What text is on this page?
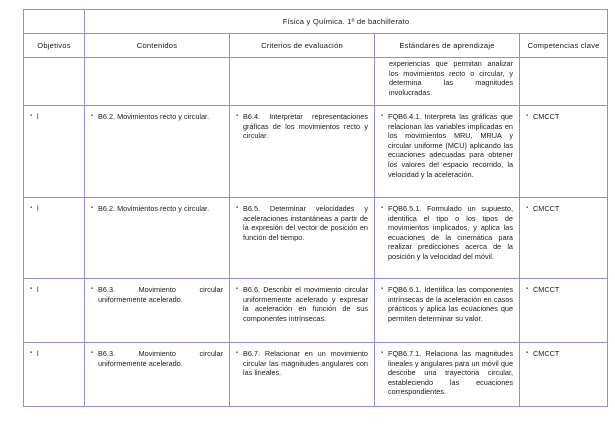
	Física y Química. 1º de bachillerato				
Objetivos	Contenidos	Criterios de evaluación	Estándares de aprendizaje	Competencias clave	

			experiencias que permitan analizar los movimientos recto o circular, y determina las magnitudes involucradas.		

▪ l	▪ B6.2. Movimientos recto y circular.	▪ B6.4. Interpretar representaciones gráficas de los movimientos recto y circular.	▪ FQB6.4.1. Interpreta las gráficas que relacionan las variables implicadas en los movimientos MRU, MRUA y circular uniforme (MCU) aplicando las ecuaciones adecuadas para obtener los valores del espacio recorrido, la velocidad y la aceleración.	▪ CMCCT	

▪ l	▪ B6.2. Movimientos recto y circular.	▪ B6.5. Determinar velocidades y aceleraciones instantáneas a partir de la expresión del vector de posición en función del tiempo.	▪ FQB6.5.1. Formulado un supuesto, identifica el tipo o los tipos de movimientos implicados, y aplica las ecuaciones de la cinemática para realizar predicciones acerca de la posición y la velocidad del móvil.	▪ CMCCT	

▪ l	▪ B6.3. Movimiento circular uniformemente acelerado.	▪ B6.6. Describir el movimiento circular uniformemente acelerado y expresar la aceleración en función de sus componentes intrínsecas.	▪ FQB6.6.1. Identifica las componentes intrínsecas de la aceleración en casos prácticos y aplica las ecuaciones que permiten determinar su valor.	▪ CMCCT	

▪ l	▪ B6.3. Movimiento circular uniformemente acelerado.	▪ B6.7. Relacionar en un movimiento circular las magnitudes angulares con las lineales.	▪ FQB6.7.1. Relaciona las magnitudes lineales y angulares para un móvil que describe una trayectoria circular, estableciendo las ecuaciones correspondientes.	▪ CMCCT	
